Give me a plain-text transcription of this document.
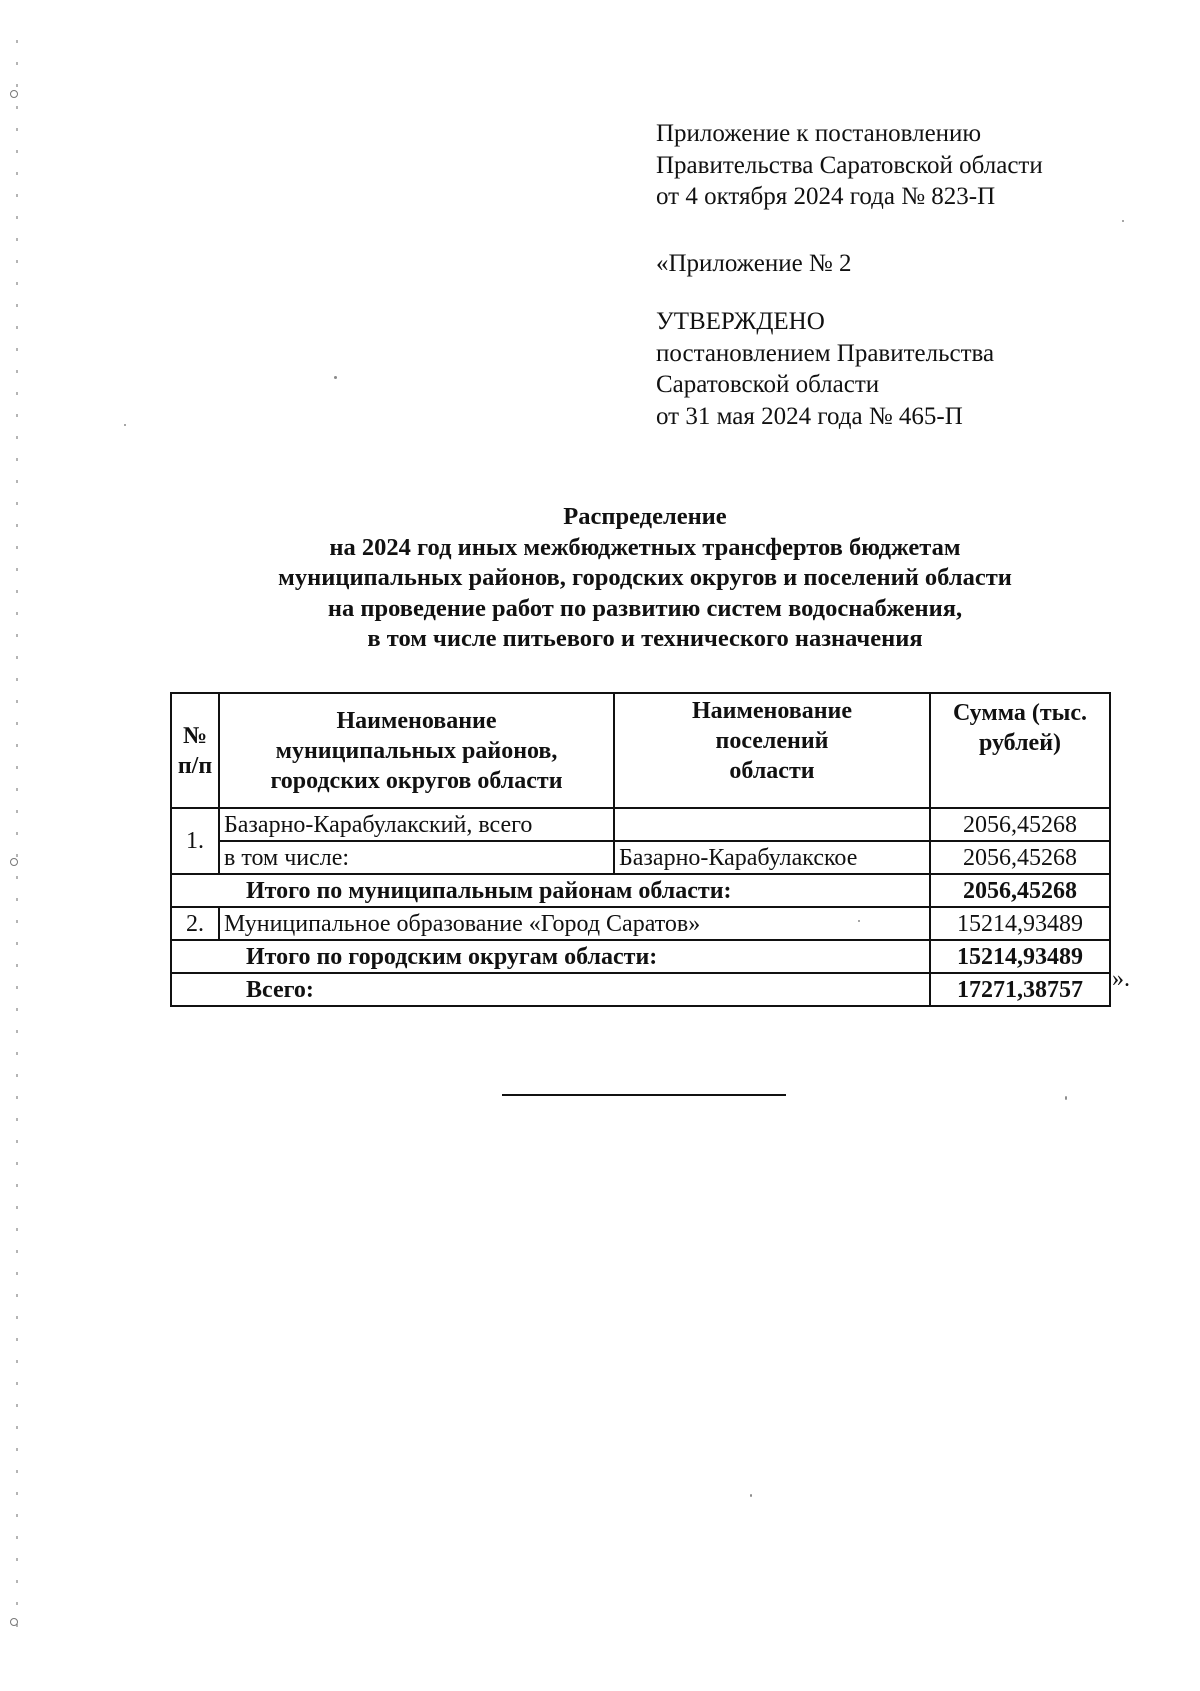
Приложение к постановлению
Правительства Саратовской области
от 4 октября 2024 года № 823-П
«Приложение № 2
УТВЕРЖДЕНО
постановлением Правительства
Саратовской области
от 31 мая 2024 года № 465-П
Распределение
на 2024 год иных межбюджетных трансфертов бюджетам
муниципальных районов, городских округов и поселений области
на проведение работ по развитию систем водоснабжения,
в том числе питьевого и технического назначения
№ п/п	Наименование муниципальных районов, городских округов области	Наименование поселений области	Сумма (тыс. рублей)
1.	Базарно-Карабулакский, всего		2056,45268
	в том числе:	Базарно-Карабулакское	2056,45268
Итого по муниципальным районам области:			2056,45268
2.	Муниципальное образование «Город Саратов»		15214,93489
Итого по городским округам области:			15214,93489
Всего:			17271,38757 ».
